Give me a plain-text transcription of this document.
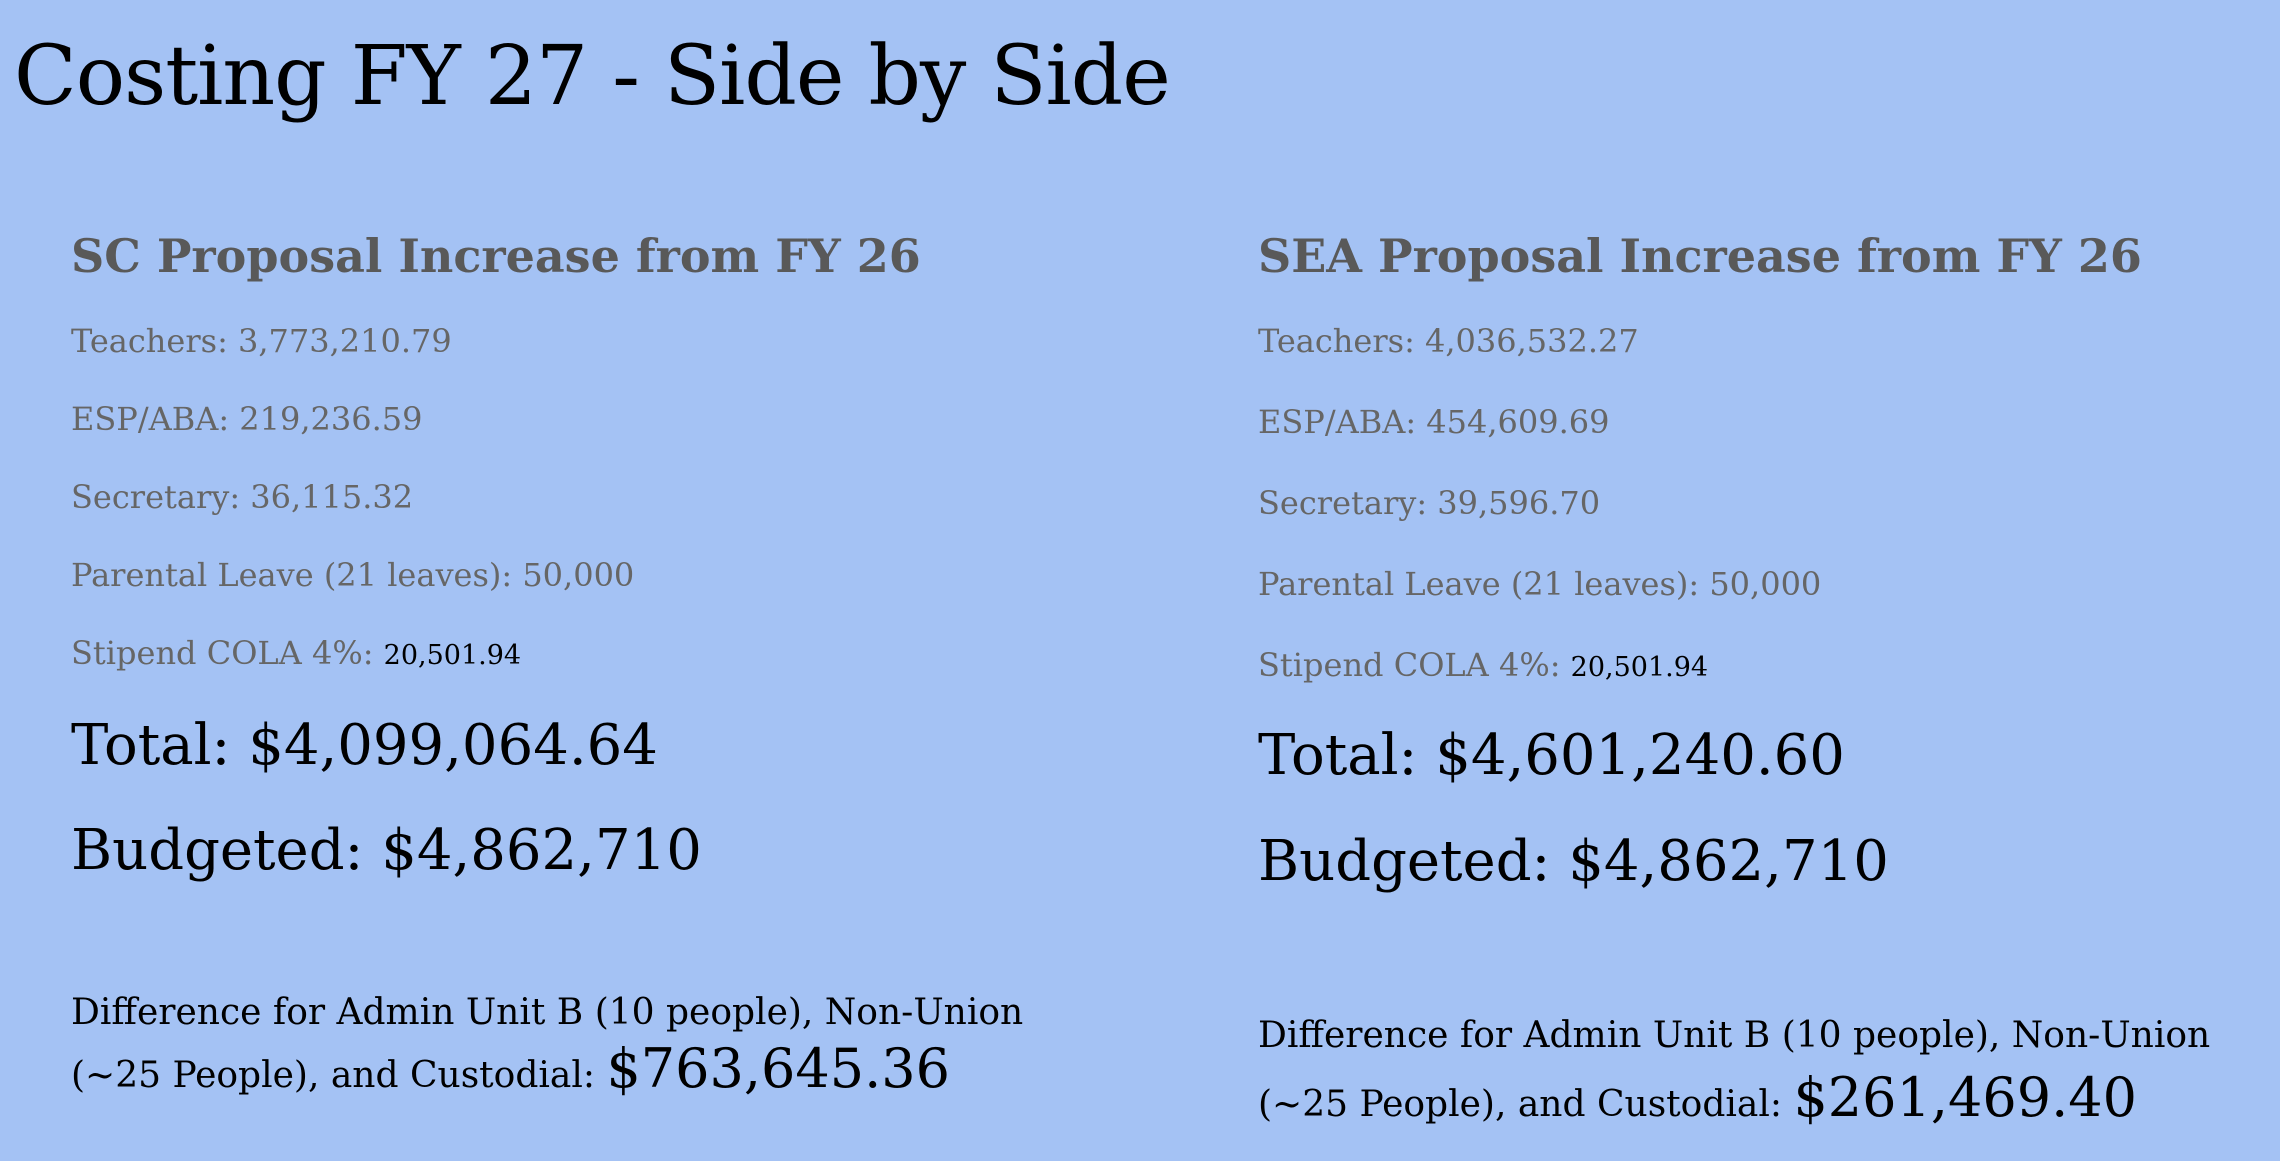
Costing FY 27 - Side by Side
SC Proposal Increase from FY 26
Teachers: 3,773,210.79
ESP/ABA: 219,236.59
Secretary: 36,115.32
Parental Leave (21 leaves): 50,000
Stipend COLA 4%: 20,501.94
Total: $4,099,064.64
Budgeted: $4,862,710
Difference for Admin Unit B (10 people), Non-Union (~25 People), and Custodial: $763,645.36
SEA Proposal Increase from FY 26
Teachers: 4,036,532.27
ESP/ABA: 454,609.69
Secretary: 39,596.70
Parental Leave (21 leaves): 50,000
Stipend COLA 4%: 20,501.94
Total: $4,601,240.60
Budgeted: $4,862,710
Difference for Admin Unit B (10 people), Non-Union (~25 People), and Custodial: $261,469.40
